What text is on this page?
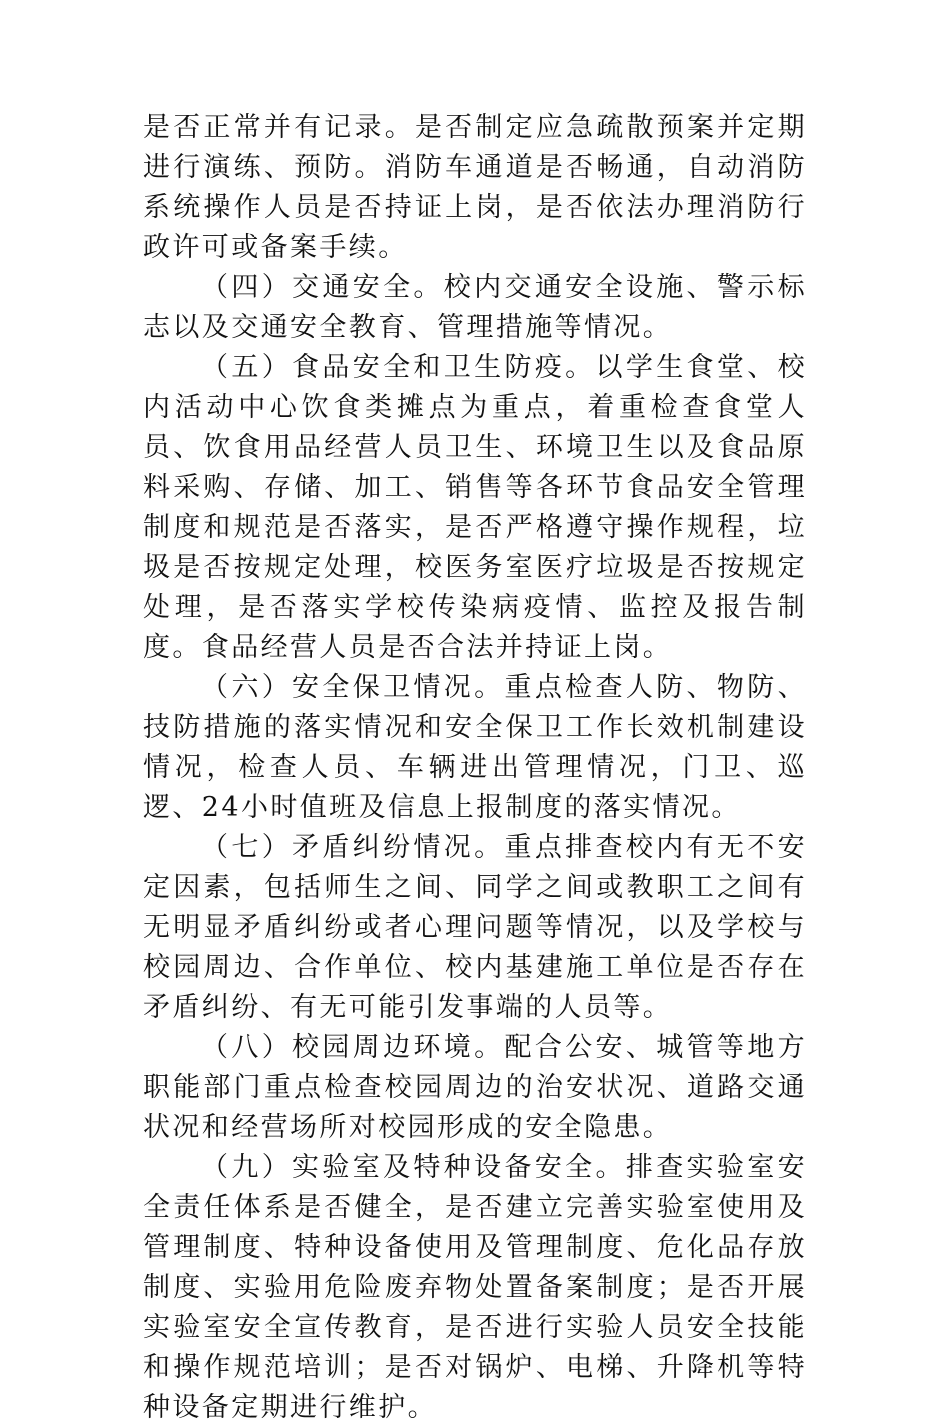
是否正常并有记录。是否制定应急疏散预案并定期进行演练、预防。消防车通道是否畅通，自动消防系统操作人员是否持证上岗，是否依法办理消防行政许可或备案手续。

（四）交通安全。校内交通安全设施、警示标志以及交通安全教育、管理措施等情况。

（五）食品安全和卫生防疫。以学生食堂、校内活动中心饮食类摊点为重点，着重检查食堂人员、饮食用品经营人员卫生、环境卫生以及食品原料采购、存储、加工、销售等各环节食品安全管理制度和规范是否落实，是否严格遵守操作规程，垃圾是否按规定处理，校医务室医疗垃圾是否按规定处理，是否落实学校传染病疫情、监控及报告制度。食品经营人员是否合法并持证上岗。

（六）安全保卫情况。重点检查人防、物防、技防措施的落实情况和安全保卫工作长效机制建设情况，检查人员、车辆进出管理情况，门卫、巡逻、24小时值班及信息上报制度的落实情况。

（七）矛盾纠纷情况。重点排查校内有无不安定因素，包括师生之间、同学之间或教职工之间有无明显矛盾纠纷或者心理问题等情况，以及学校与校园周边、合作单位、校内基建施工单位是否存在矛盾纠纷、有无可能引发事端的人员等。

（八）校园周边环境。配合公安、城管等地方职能部门重点检查校园周边的治安状况、道路交通状况和经营场所对校园形成的安全隐患。

（九）实验室及特种设备安全。排查实验室安全责任体系是否健全，是否建立完善实验室使用及管理制度、特种设备使用及管理制度、危化品存放制度、实验用危险废弃物处置备案制度；是否开展实验室安全宣传教育，是否进行实验人员安全技能和操作规范培训；是否对锅炉、电梯、升降机等特种设备定期进行维护。
